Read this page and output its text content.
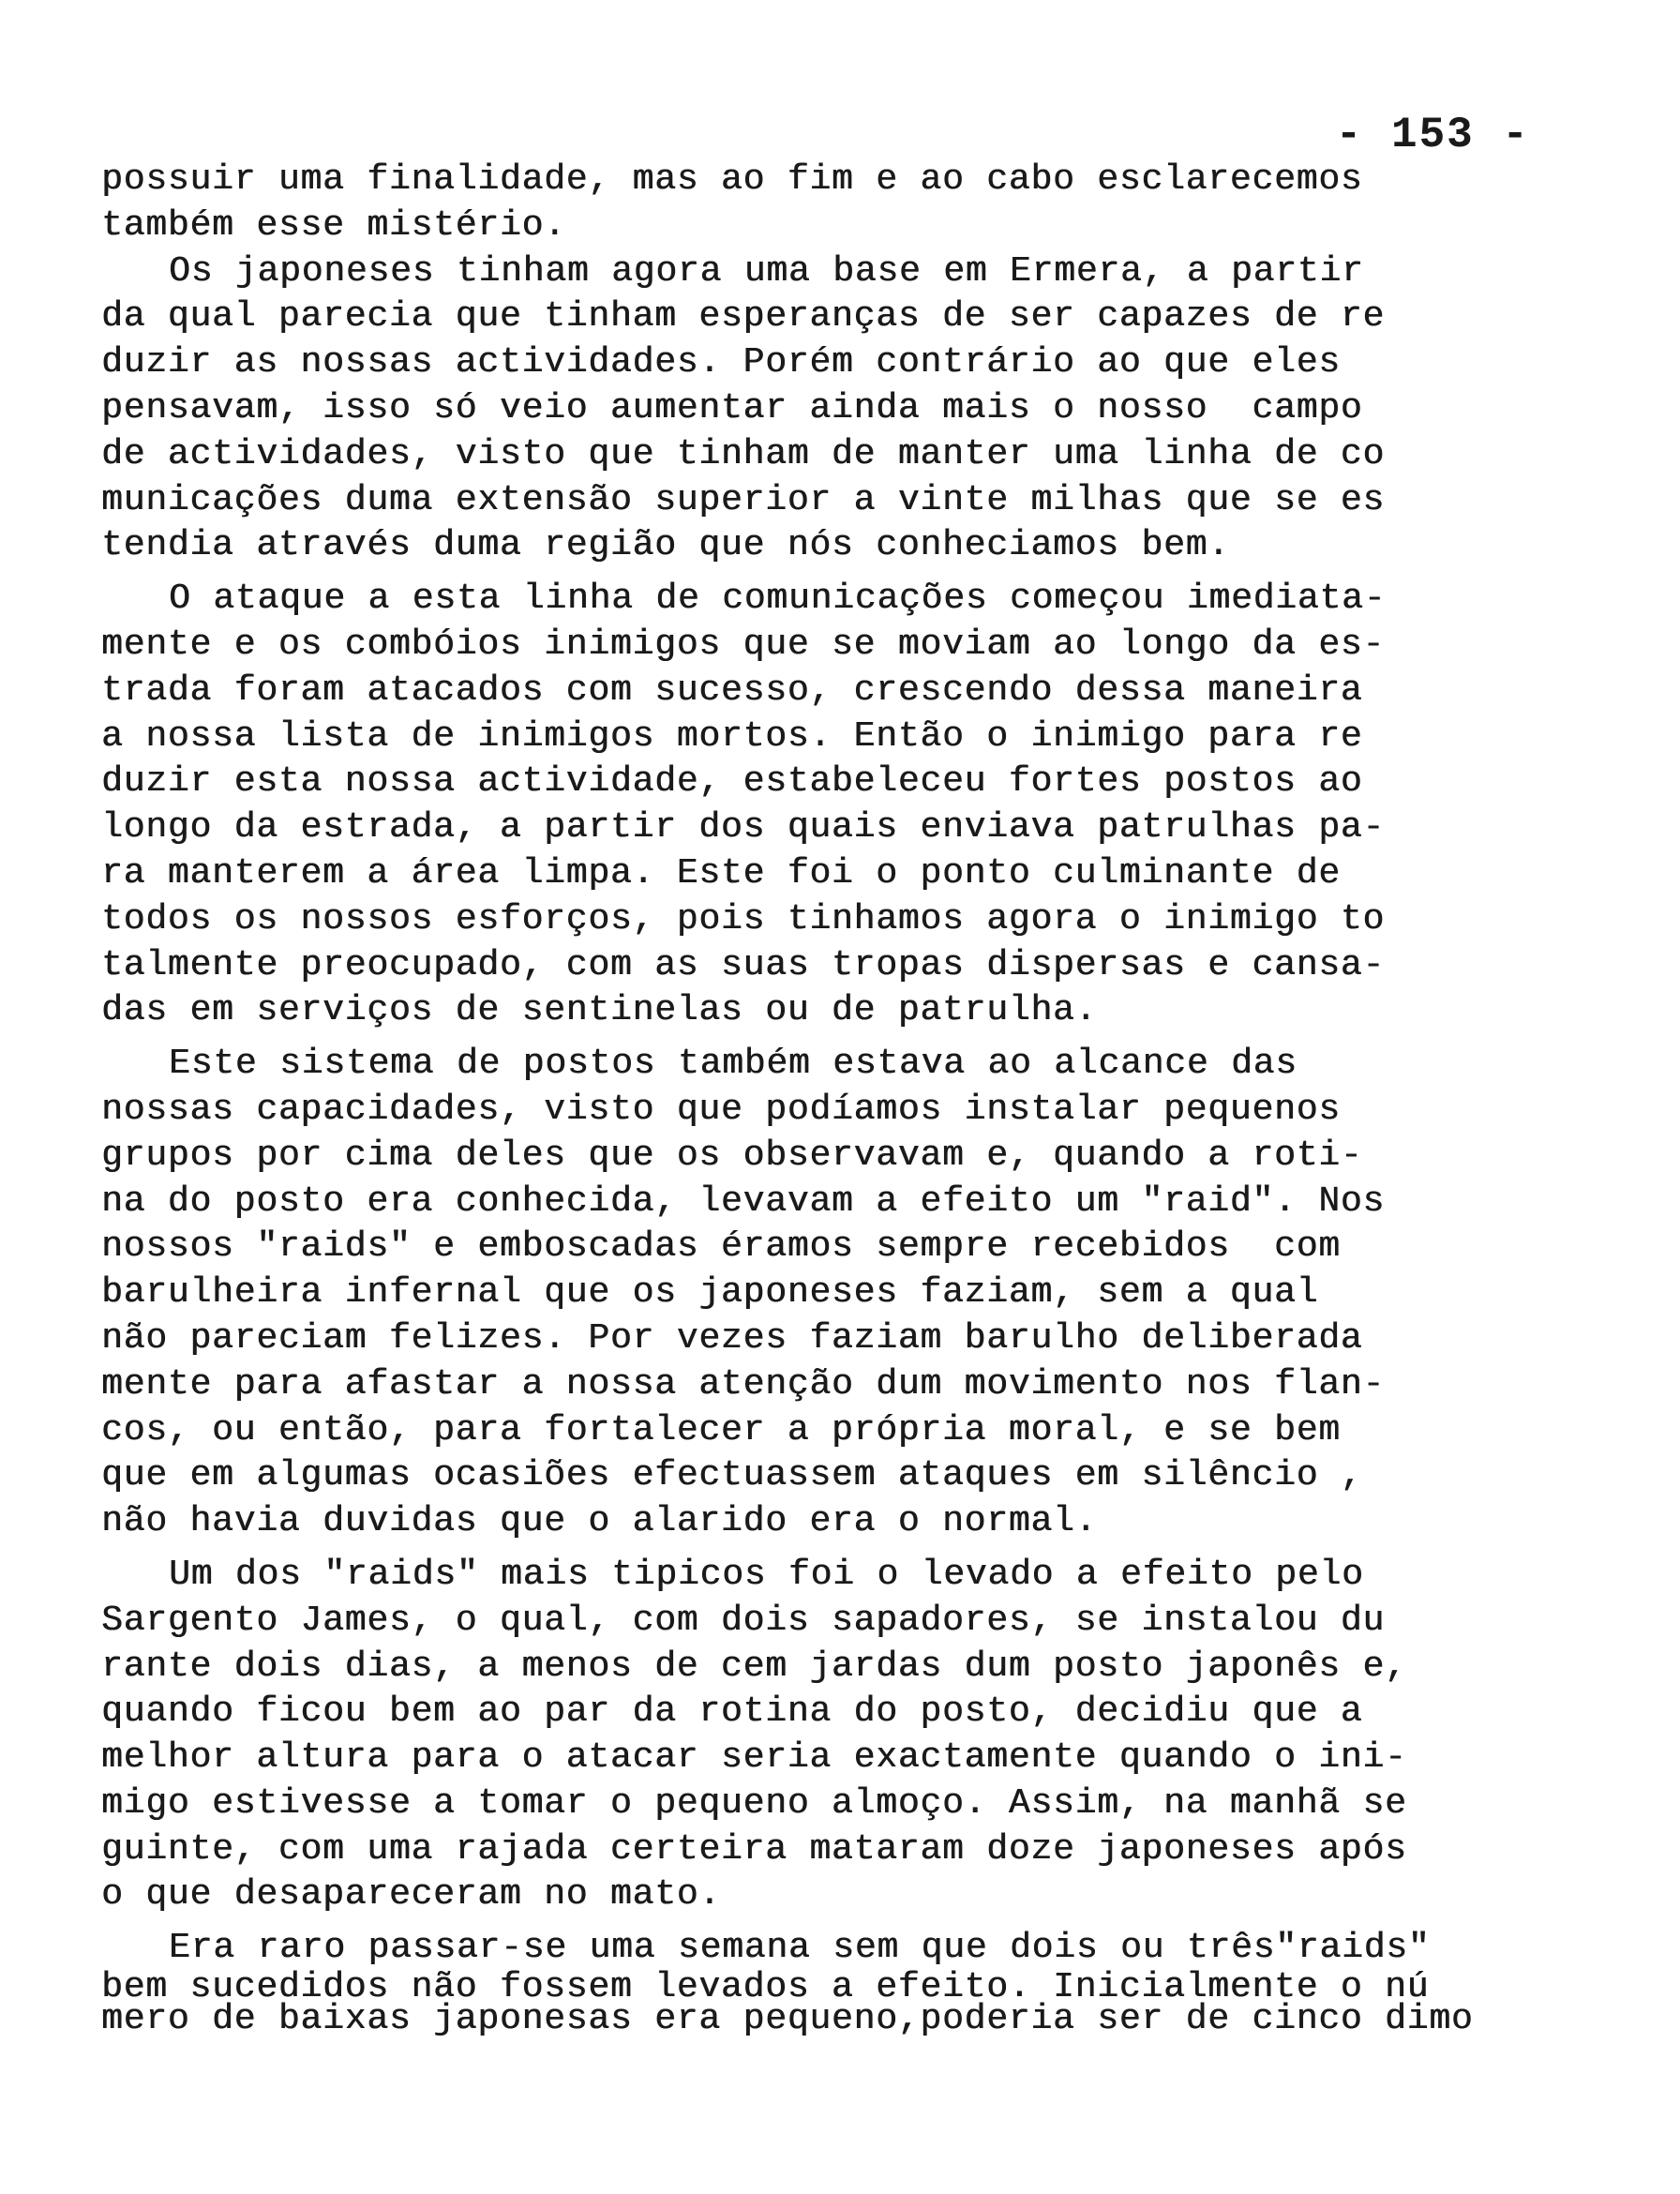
- 153 -
possuir uma finalidade, mas ao fim e ao cabo esclarecemos
também esse mistério.
Os japoneses tinham agora uma base em Ermera, a partir
da qual parecia que tinham esperanças de ser capazes de re
duzir as nossas actividades. Porém contrário ao que eles
pensavam, isso só veio aumentar ainda mais o nosso  campo
de actividades, visto que tinham de manter uma linha de co
municações duma extensão superior a vinte milhas que se es
tendia através duma região que nós conheciamos bem.
O ataque a esta linha de comunicações começou imediata-
mente e os combóios inimigos que se moviam ao longo da es-
trada foram atacados com sucesso, crescendo dessa maneira
a nossa lista de inimigos mortos. Então o inimigo para re
duzir esta nossa actividade, estabeleceu fortes postos ao
longo da estrada, a partir dos quais enviava patrulhas pa-
ra manterem a área limpa. Este foi o ponto culminante de
todos os nossos esforços, pois tinhamos agora o inimigo to
talmente preocupado, com as suas tropas dispersas e cansa-
das em serviços de sentinelas ou de patrulha.
Este sistema de postos também estava ao alcance das
nossas capacidades, visto que podíamos instalar pequenos
grupos por cima deles que os observavam e, quando a roti-
na do posto era conhecida, levavam a efeito um "raid". Nos
nossos "raids" e emboscadas éramos sempre recebidos  com
barulheira infernal que os japoneses faziam, sem a qual
não pareciam felizes. Por vezes faziam barulho deliberada
mente para afastar a nossa atenção dum movimento nos flan-
cos, ou então, para fortalecer a própria moral, e se bem
que em algumas ocasiões efectuassem ataques em silêncio ,
não havia duvidas que o alarido era o normal.
Um dos "raids" mais tipicos foi o levado a efeito pelo
Sargento James, o qual, com dois sapadores, se instalou du
rante dois dias, a menos de cem jardas dum posto japonês e,
quando ficou bem ao par da rotina do posto, decidiu que a
melhor altura para o atacar seria exactamente quando o ini-
migo estivesse a tomar o pequeno almoço. Assim, na manhã se
guinte, com uma rajada certeira mataram doze japoneses após
o que desapareceram no mato.
Era raro passar-se uma semana sem que dois ou três"raids"
bem sucedidos não fossem levados a efeito. Inicialmente o nú
mero de baixas japonesas era pequeno,poderia ser de cinco dimo
